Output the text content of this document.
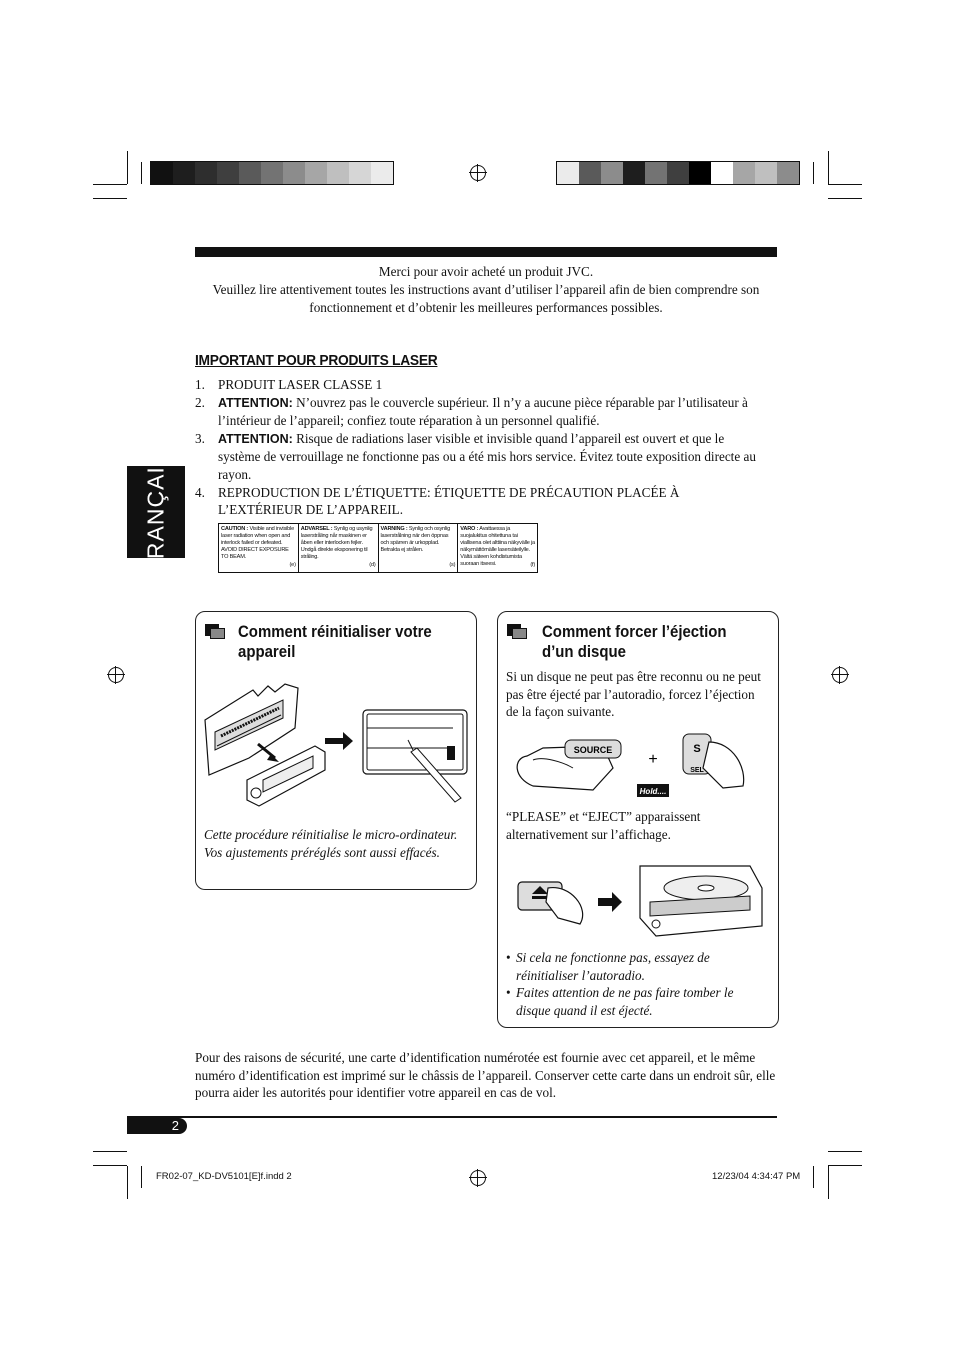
FRANÇAIS
Merci pour avoir acheté un produit JVC.
Veuillez lire attentivement toutes les instructions avant d’utiliser l’appareil afin de bien comprendre son fonctionnement et d’obtenir les meilleures performances possibles.
IMPORTANT POUR PRODUITS LASER
1. PRODUIT LASER CLASSE 1
2. ATTENTION: N’ouvrez pas le couvercle supérieur. Il n’y a aucune pièce réparable par l’utilisateur à l’intérieur de l’appareil; confiez toute réparation à un personnel qualifié.
3. ATTENTION: Risque de radiations laser visible et invisible quand l’appareil est ouvert et que le système de verrouillage ne fonctionne pas ou a été mis hors service. Évitez toute exposition directe au rayon.
4. REPRODUCTION DE L’ÉTIQUETTE: ÉTIQUETTE DE PRÉCAUTION PLACÉE À L’EXTÉRIEUR DE L’APPAREIL.
CAUTION : Visible and invisible laser radiation when open and interlock failed or defeated. AVOID DIRECT EXPOSURE TO BEAM.
(e)
ADVARSEL : Synlig og usynlig laserstråling når maskinen er åben eller interlocken fejler. Undgå direkte eksponering til stråling.
(d)
VARNING : Synlig och osynlig laserstrålning när den öppnas och spärren är urkopplad. Betrakta ej strålen.
(s)
VARO : Avattaessa ja suojalukitus ohitettuna tai viallisena olet alttiina näkyvälle ja näkymättömälle lasersäteilylle. Vältä säteen kohdistumista suoraan itseesi.	(f)
Comment réinitialiser votre
appareil
Cette procédure réinitialise le micro-ordinateur. Vos ajustements préréglés sont aussi effacés.
Comment forcer l’éjection
d’un disque
Si un disque ne peut pas être reconnu ou ne peut pas être éjecté par l’autoradio, forcez l’éjection de la façon suivante.
SOURCE
+
S
SEL
Hold....
“PLEASE” et “EJECT” apparaissent alternativement sur l’affichage.
• Si cela ne fonctionne pas, essayez de réinitialiser l’autoradio.
• Faites attention de ne pas faire tomber le disque quand il est éjecté.
Pour des raisons de sécurité, une carte d’identification numérotée est fournie avec cet appareil, et le même numéro d’identification est imprimé sur le châssis de l’appareil. Conserver cette carte dans un endroit sûr, elle pourra aider les autorités pour identifier votre appareil en cas de vol.
2
FR02-07_KD-DV5101[E]f.indd 2	12/23/04 4:34:47 PM
